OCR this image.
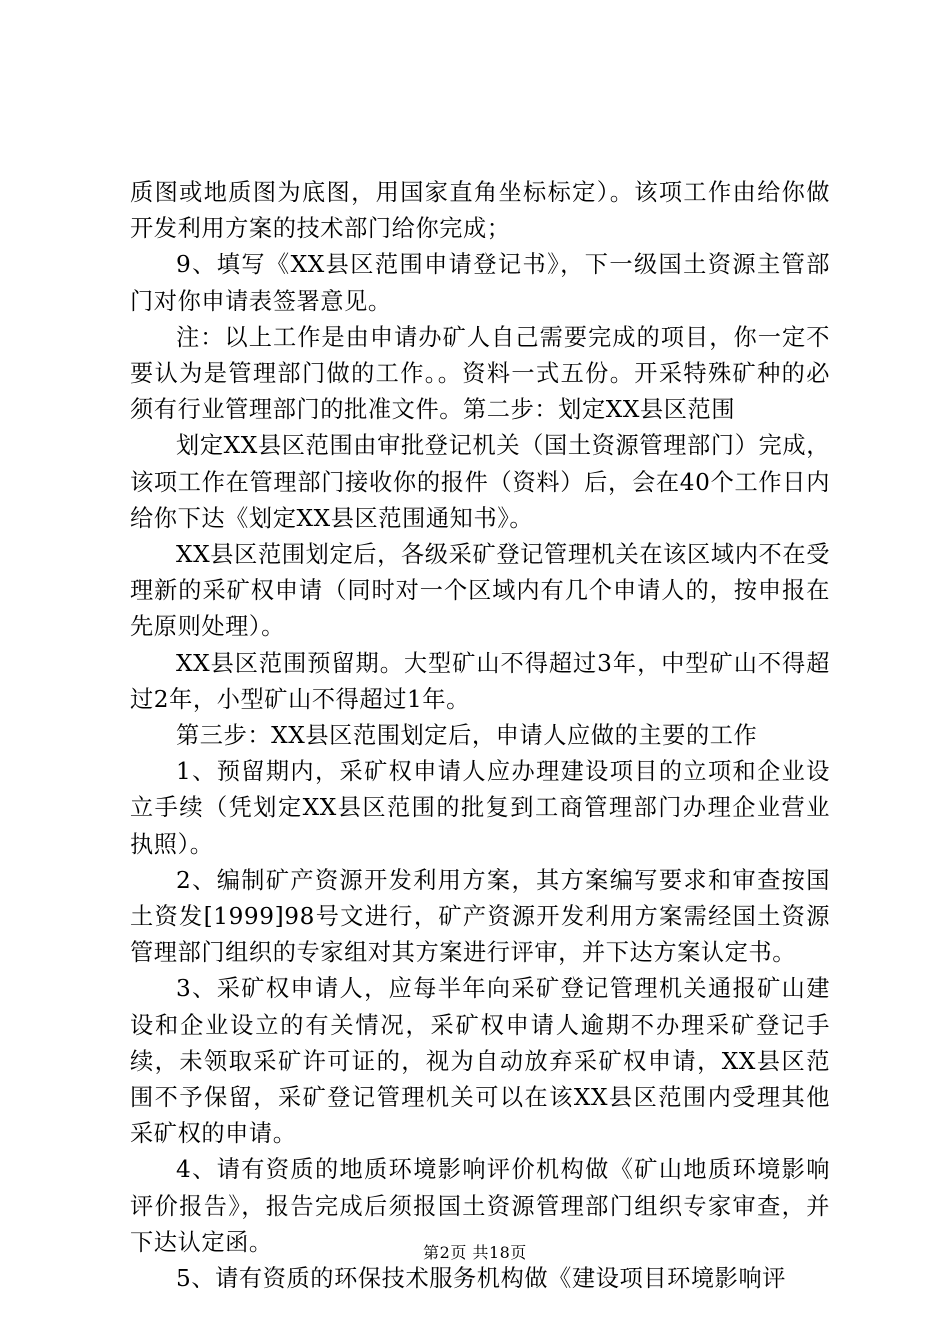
质图或地质图为底图，用国家直角坐标标定）。该项工作由给你做开发利用方案的技术部门给你完成；

9、填写《XX县区范围申请登记书》，下一级国土资源主管部门对你申请表签署意见。

注：以上工作是由申请办矿人自己需要完成的项目，你一定不要认为是管理部门做的工作。。资料一式五份。开采特殊矿种的必须有行业管理部门的批准文件。第二步：划定XX县区范围

划定XX县区范围由审批登记机关（国土资源管理部门）完成，该项工作在管理部门接收你的报件（资料）后，会在40个工作日内给你下达《划定XX县区范围通知书》。

XX县区范围划定后，各级采矿登记管理机关在该区域内不在受理新的采矿权申请（同时对一个区域内有几个申请人的，按申报在先原则处理）。

XX县区范围预留期。大型矿山不得超过3年，中型矿山不得超过2年，小型矿山不得超过1年。

第三步：XX县区范围划定后，申请人应做的主要的工作

1、预留期内，采矿权申请人应办理建设项目的立项和企业设立手续（凭划定XX县区范围的批复到工商管理部门办理企业营业执照）。

2、编制矿产资源开发利用方案，其方案编写要求和审查按国土资发[1999]98号文进行，矿产资源开发利用方案需经国土资源管理部门组织的专家组对其方案进行评审，并下达方案认定书。

3、采矿权申请人，应每半年向采矿登记管理机关通报矿山建设和企业设立的有关情况，采矿权申请人逾期不办理采矿登记手续，未领取采矿许可证的，视为自动放弃采矿权申请，XX县区范围不予保留，采矿登记管理机关可以在该XX县区范围内受理其他采矿权的申请。

4、请有资质的地质环境影响评价机构做《矿山地质环境影响评价报告》，报告完成后须报国土资源管理部门组织专家审查，并下达认定函。

5、请有资质的环保技术服务机构做《建设项目环境影响评

第2页 共18页
